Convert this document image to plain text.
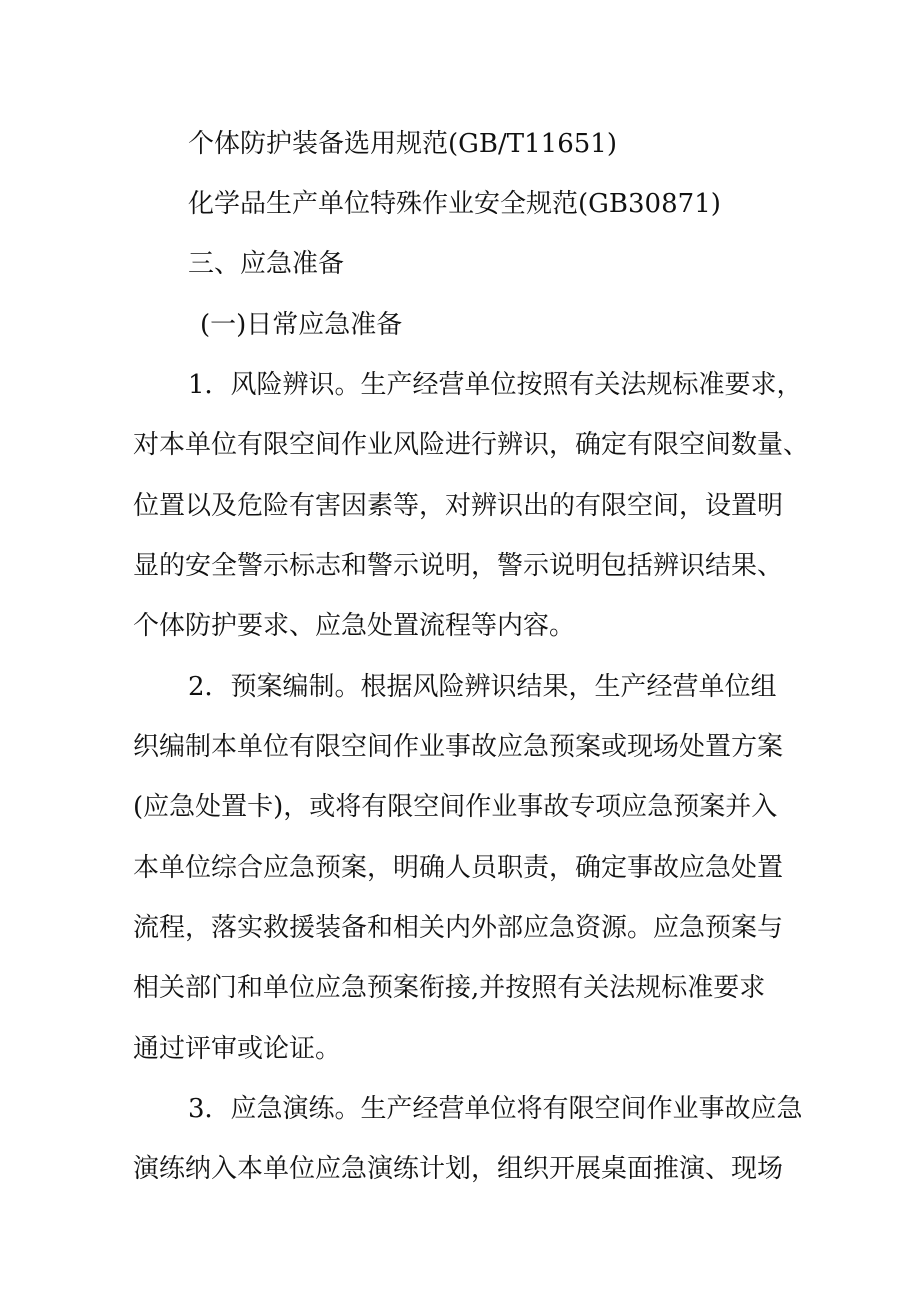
个体防护装备选用规范(GB/T11651)
化学品生产单位特殊作业安全规范(GB30871)
三、应急准备
(一)日常应急准备
1．风险辨识。生产经营单位按照有关法规标准要求，
对本单位有限空间作业风险进行辨识，确定有限空间数量、
位置以及危险有害因素等，对辨识出的有限空间，设置明
显的安全警示标志和警示说明，警示说明包括辨识结果、
个体防护要求、应急处置流程等内容。
2．预案编制。根据风险辨识结果，生产经营单位组
织编制本单位有限空间作业事故应急预案或现场处置方案
(应急处置卡)，或将有限空间作业事故专项应急预案并入
本单位综合应急预案，明确人员职责，确定事故应急处置
流程，落实救援装备和相关内外部应急资源。应急预案与
相关部门和单位应急预案衔接,并按照有关法规标准要求
通过评审或论证。
3．应急演练。生产经营单位将有限空间作业事故应急
演练纳入本单位应急演练计划，组织开展桌面推演、现场
